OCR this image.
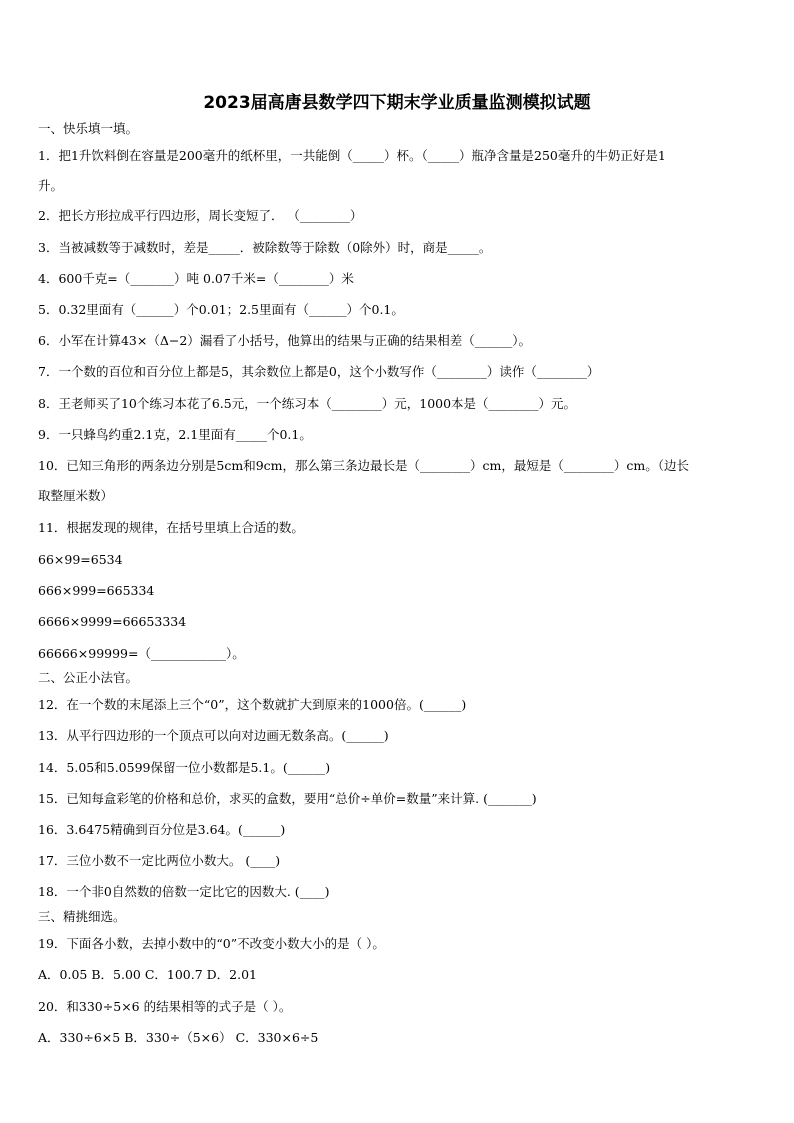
2023届高唐县数学四下期末学业质量监测模拟试题
一、快乐填一填。
1．把1升饮料倒在容量是200毫升的纸杯里，一共能倒（_____）杯。（_____）瓶净含量是250毫升的牛奶正好是1
升。
2．把长方形拉成平行四边形，周长变短了． （________）
3．当被减数等于减数时，差是_____．被除数等于除数（0除外）时，商是_____。
4．600千克=（_______）吨 0.07千米=（________）米
5．0.32里面有（______）个0.01；2.5里面有（______）个0.1。
6．小军在计算43×（Δ−2）漏看了小括号，他算出的结果与正确的结果相差（______）。
7．一个数的百位和百分位上都是5，其余数位上都是0，这个小数写作（________）读作（________）
8．王老师买了10个练习本花了6.5元，一个练习本（________）元，1000本是（________）元。
9．一只蜂鸟约重2.1克，2.1里面有_____个0.1。
10．已知三角形的两条边分别是5cm和9cm，那么第三条边最长是（________）cm，最短是（________）cm。（边长
取整厘米数）
11．根据发现的规律，在括号里填上合适的数。
66×99=6534
666×999=665334
6666×9999=66653334
66666×99999=（____________）。
二、公正小法官。
12．在一个数的末尾添上三个“0”，这个数就扩大到原来的1000倍。(______)
13．从平行四边形的一个顶点可以向对边画无数条高。(______)
14．5.05和5.0599保留一位小数都是5.1。(______)
15．已知每盒彩笔的价格和总价，求买的盒数，要用“总价÷单价=数量”来计算. (_______)
16．3.6475精确到百分位是3.64。(______)
17．三位小数不一定比两位小数大。 (____)
18．一个非0自然数的倍数一定比它的因数大. (____)
三、精挑细选。
19．下面各小数，去掉小数中的“0”不改变小数大小的是（ ）。
A．0.05 B．5.00 C．100.7 D．2.01
20．和330÷5×6 的结果相等的式子是（ ）。
A．330÷6×5 B．330÷（5×6） C．330×6÷5
